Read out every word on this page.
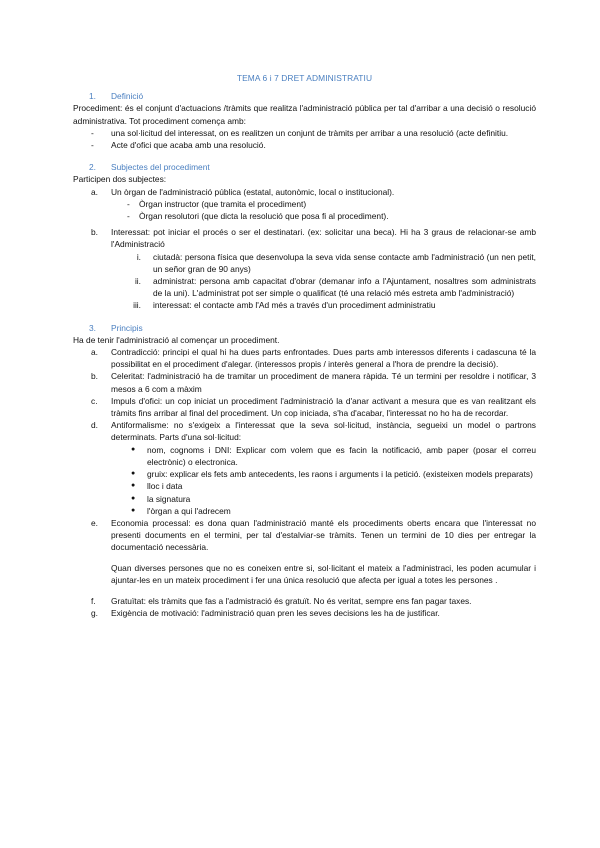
TEMA 6 i 7 DRET ADMINISTRATIU

1.	Definició

Procediment: és el conjunt d'actuacions /tràmits que realitza l'administració pública per tal d'arribar a una decisió o resolució administrativa. Tot procediment comença amb:

-	una sol·licitud del interessat, on es realitzen un conjunt de tràmits per arribar a una resolució (acte definitiu.
-	Acte d'ofici que acaba amb una resolució.
2.	Subjectes del procediment

Participen dos subjectes:

a.	Un òrgan de l'administració pública (estatal, autonòmic, local o institucional).
-	Òrgan instructor (que tramita el procediment)
-	Òrgan resolutori (que dicta la resolució que posa fi al procediment).
b.	Interessat: pot iniciar el procés o ser el destinatari. (ex: solicitar una beca). Hi ha 3 graus de relacionar-se amb l'Administració
i.	ciutadà: persona física que desenvolupa la seva vida sense contacte amb l'administració (un nen petit, un señor gran de 90 anys)
ii.	administrat: persona amb capacitat d'obrar (demanar info a l'Ajuntament, nosaltres som administrats de la uni). L'administrat pot ser simple o qualificat (té una relació més estreta amb l'administració)
iii.	interessat: el contacte amb l'Ad més a través d'un procediment administratiu
3.	Principis

Ha de tenir l'administració al començar un procediment.

a.	Contradicció: principi el qual hi ha dues parts enfrontades. Dues parts amb interessos diferents i cadascuna té la possibilitat en el procediment d'alegar. (interessos propis / interès general a l'hora de prendre la decisió).
b.	Celeritat: l'administració ha de tramitar un procediment de manera ràpida. Té un termini per resoldre i notificar, 3 mesos a 6 com a màxim
c.	Impuls d'ofici: un cop iniciat un procediment l'administració la d'anar activant a mesura que es van realitzant els tràmits fins arribar al final del procediment. Un cop iniciada, s'ha d'acabar, l'interessat no ho ha de recordar.
d.	Antiformalisme: no s'exigeix a l'interessat que la seva sol·licitud, instància, segueixi un model o partrons determinats. Parts d'una sol·licitud:
●	nom, cognoms i DNI: Explicar com volem que es facin la notificació, amb paper (posar el correu electrònic) o electronica.
●	gruix: explicar els fets amb antecedents, les raons i arguments i la petició. (existeixen models preparats)
●	lloc i data
●	la signatura
●	l'òrgan a qui l'adrecem
e.	Economia processal: es dona quan l'administració manté els procediments oberts encara que l'interessat no presenti documents en el termini, per tal d'estalviar-se tràmits. Tenen un termini de 10 dies per entregar la documentació necessària.

Quan diverses persones que no es coneixen entre si, sol·licitant el mateix a l'administraci, les poden acumular i ajuntar-les en un mateix procediment i fer una única resolució que afecta per igual a totes les persones .

f.	Gratuïtat: els tràmits que fas a l'admistració és gratuït. No és veritat, sempre ens fan pagar taxes.
g.	Exigència de motivació: l'administració quan pren les seves decisions les ha de justificar.
